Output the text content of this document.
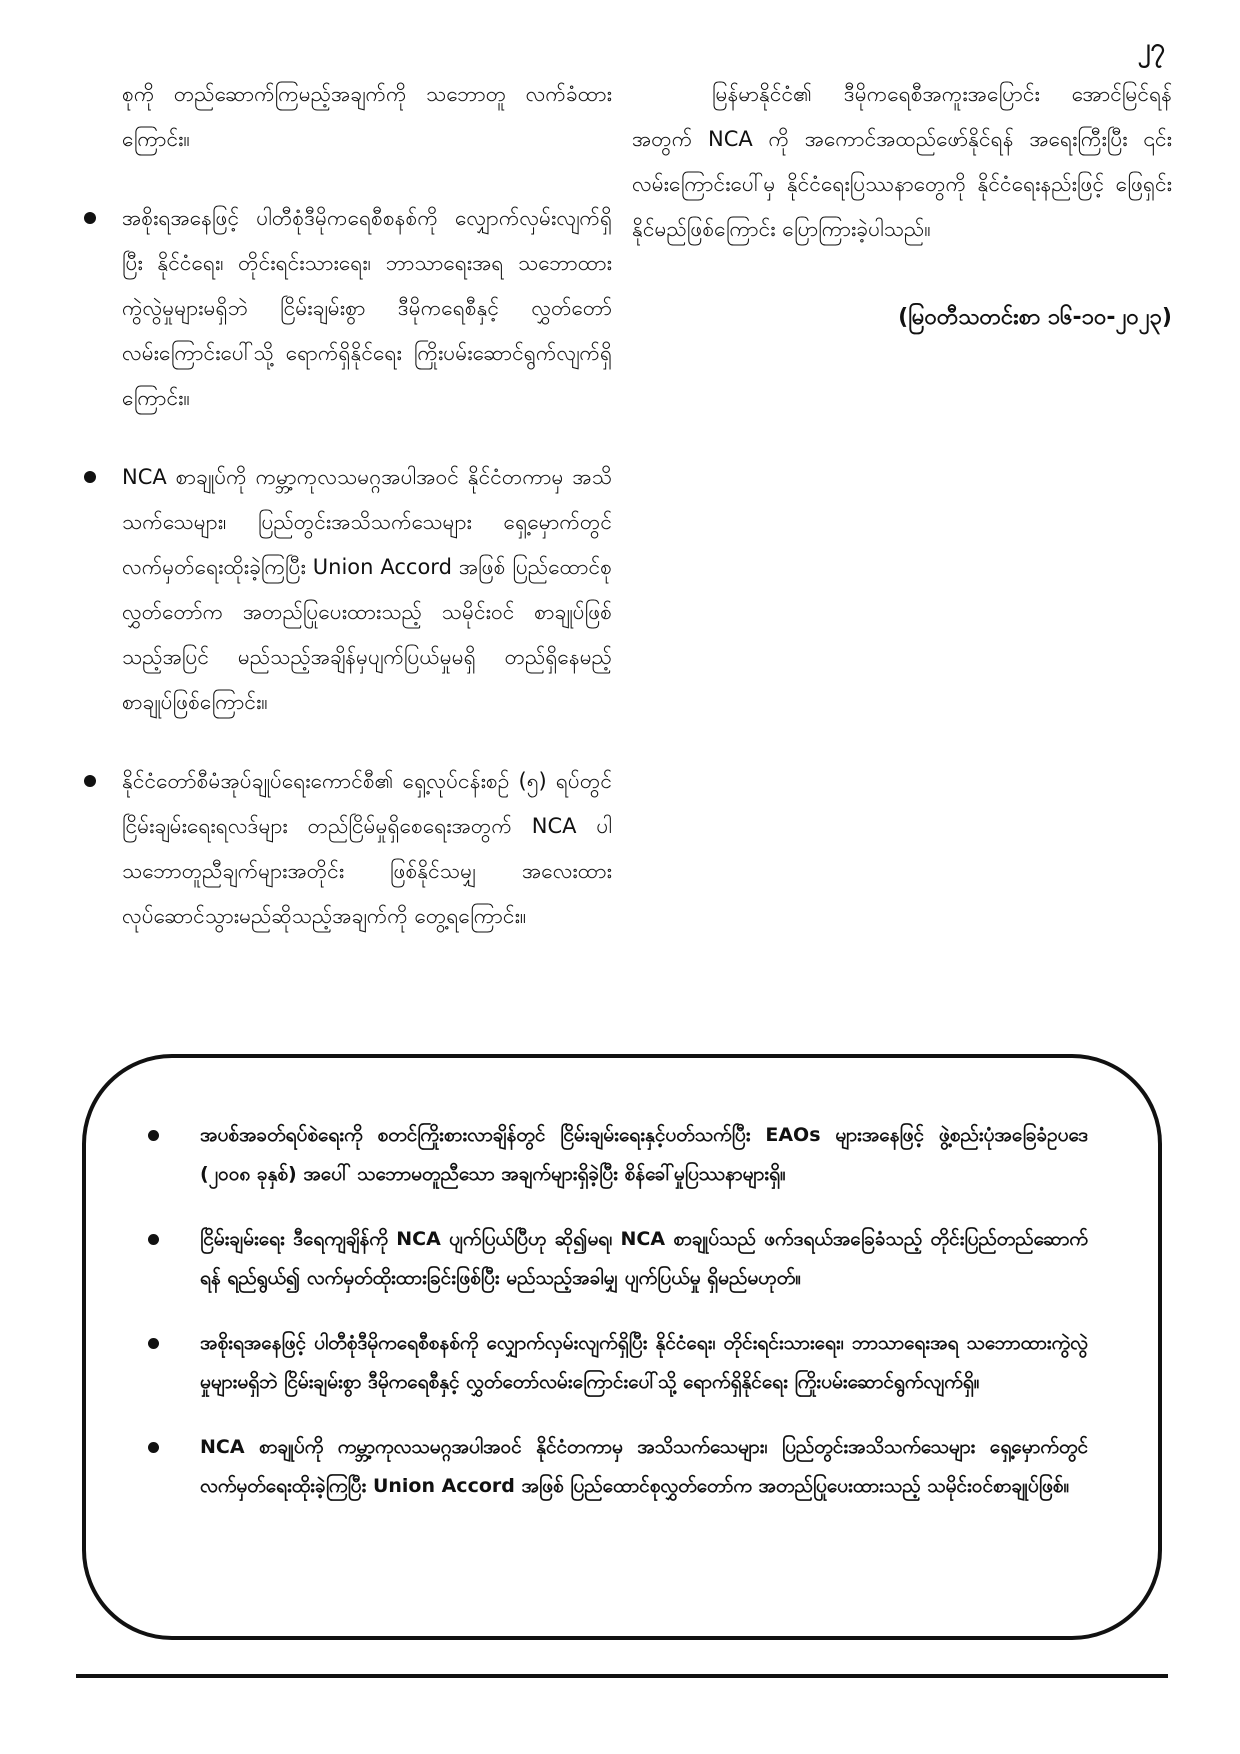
၂၇

စုကို တည်ဆောက်ကြမည့်အချက်ကို သဘောတူ လက်ခံထားကြောင်း။

အစိုးရအနေဖြင့် ပါတီစုံဒီမိုကရေစီစနစ်ကို လျှောက်လှမ်းလျက်ရှိပြီး နိုင်ငံရေး၊ တိုင်းရင်းသားရေး၊ ဘာသာရေးအရ သဘောထားကွဲလွဲမှုများမရှိဘဲ ငြိမ်းချမ်းစွာ ဒီမိုကရေစီနှင့် လွှတ်တော်လမ်းကြောင်းပေါ်သို့ ရောက်ရှိနိုင်ရေး ကြိုးပမ်းဆောင်ရွက်လျက်ရှိကြောင်း။

NCA စာချုပ်ကို ကမ္ဘာ့ကုလသမဂ္ဂအပါအဝင် နိုင်ငံတကာမှ အသိသက်သေများ၊ ပြည်တွင်းအသိသက်သေများ ရှေ့မှောက်တွင် လက်မှတ်ရေးထိုးခဲ့ကြပြီး Union Accord အဖြစ် ပြည်ထောင်စုလွှတ်တော်က အတည်ပြုပေးထားသည့် သမိုင်းဝင် စာချုပ်ဖြစ်သည့်အပြင် မည်သည့်အချိန်မှပျက်ပြယ်မှုမရှိ တည်ရှိနေမည့် စာချုပ်ဖြစ်ကြောင်း။

နိုင်ငံတော်စီမံအုပ်ချုပ်ရေးကောင်စီ၏ ရှေ့လုပ်ငန်းစဉ် (၅) ရပ်တွင် ငြိမ်းချမ်းရေးရလဒ်များ တည်ငြိမ်မှုရှိစေရေးအတွက် NCA ပါ သဘောတူညီချက်များအတိုင်း ဖြစ်နိုင်သမျှ အလေးထား လုပ်ဆောင်သွားမည်ဆိုသည့်အချက်ကို တွေ့ရကြောင်း။

မြန်မာနိုင်ငံ၏ ဒီမိုကရေစီအကူးအပြောင်း အောင်မြင်ရန်အတွက် NCA ကို အကောင်အထည်ဖော်နိုင်ရန် အရေးကြီးပြီး ၎င်းလမ်းကြောင်းပေါ်မှ နိုင်ငံရေးပြဿနာတွေကို နိုင်ငံရေးနည်းဖြင့် ဖြေရှင်းနိုင်မည်ဖြစ်ကြောင်း ပြောကြားခဲ့ပါသည်။

(မြဝတီသတင်းစာ ၁၆-၁၀-၂၀၂၃)
အပစ်အခတ်ရပ်စဲရေးကို စတင်ကြိုးစားလာချိန်တွင် ငြိမ်းချမ်းရေးနှင့်ပတ်သက်ပြီး EAOs များအနေဖြင့် ဖွဲ့စည်းပုံအခြေခံဥပဒေ (၂၀၀၈ ခုနှစ်) အပေါ် သဘောမတူညီသော အချက်များရှိခဲ့ပြီး စိန်ခေါ်မှုပြဿနာများရှိ။
ငြိမ်းချမ်းရေး ဒီရေကျချိန်ကို NCA ပျက်ပြယ်ပြီဟု ဆို၍မရ၊ NCA စာချုပ်သည် ဖက်ဒရယ်အခြေခံသည့် တိုင်းပြည်တည်ဆောက်ရန် ရည်ရွယ်၍ လက်မှတ်ထိုးထားခြင်းဖြစ်ပြီး မည်သည့်အခါမျှ ပျက်ပြယ်မှု ရှိမည်မဟုတ်။
အစိုးရအနေဖြင့် ပါတီစုံဒီမိုကရေစီစနစ်ကို လျှောက်လှမ်းလျက်ရှိပြီး နိုင်ငံရေး၊ တိုင်းရင်းသားရေး၊ ဘာသာရေးအရ သဘောထားကွဲလွဲမှုများမရှိဘဲ ငြိမ်းချမ်းစွာ ဒီမိုကရေစီနှင့် လွှတ်တော်လမ်းကြောင်းပေါ်သို့ ရောက်ရှိနိုင်ရေး ကြိုးပမ်းဆောင်ရွက်လျက်ရှိ။
NCA စာချုပ်ကို ကမ္ဘာ့ကုလသမဂ္ဂအပါအဝင် နိုင်ငံတကာမှ အသိသက်သေများ၊ ပြည်တွင်းအသိသက်သေများ ရှေ့မှောက်တွင် လက်မှတ်ရေးထိုးခဲ့ကြပြီး Union Accord အဖြစ် ပြည်ထောင်စုလွှတ်တော်က အတည်ပြုပေးထားသည့် သမိုင်းဝင်စာချုပ်ဖြစ်။
